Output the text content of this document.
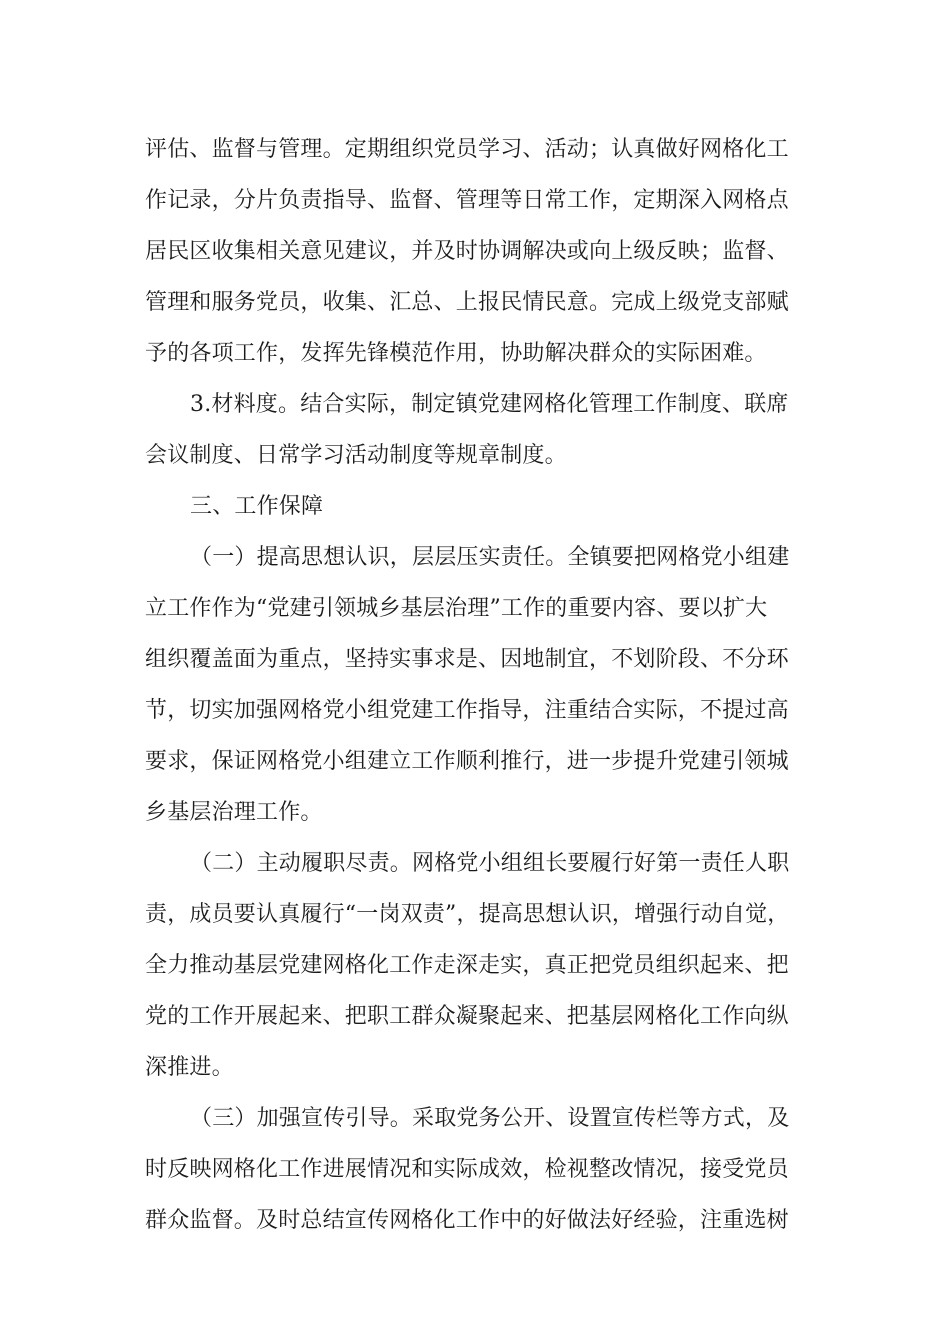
评估、监督与管理。定期组织党员学习、活动；认真做好网格化工
作记录，分片负责指导、监督、管理等日常工作，定期深入网格点
居民区收集相关意见建议，并及时协调解决或向上级反映；监督、
管理和服务党员，收集、汇总、上报民情民意。完成上级党支部赋
予的各项工作，发挥先锋模范作用，协助解决群众的实际困难。
3.材料度。结合实际，制定镇党建网格化管理工作制度、联席
会议制度、日常学习活动制度等规章制度。
三、工作保障
（一）提高思想认识，层层压实责任。全镇要把网格党小组建
立工作作为“党建引领城乡基层治理”工作的重要内容、要以扩大
组织覆盖面为重点，坚持实事求是、因地制宜，不划阶段、不分环
节，切实加强网格党小组党建工作指导，注重结合实际，不提过高
要求，保证网格党小组建立工作顺利推行，进一步提升党建引领城
乡基层治理工作。
（二）主动履职尽责。网格党小组组长要履行好第一责任人职
责，成员要认真履行“一岗双责”，提高思想认识，增强行动自觉，
全力推动基层党建网格化工作走深走实，真正把党员组织起来、把
党的工作开展起来、把职工群众凝聚起来、把基层网格化工作向纵
深推进。
（三）加强宣传引导。采取党务公开、设置宣传栏等方式，及
时反映网格化工作进展情况和实际成效，检视整改情况，接受党员
群众监督。及时总结宣传网格化工作中的好做法好经验，注重选树
